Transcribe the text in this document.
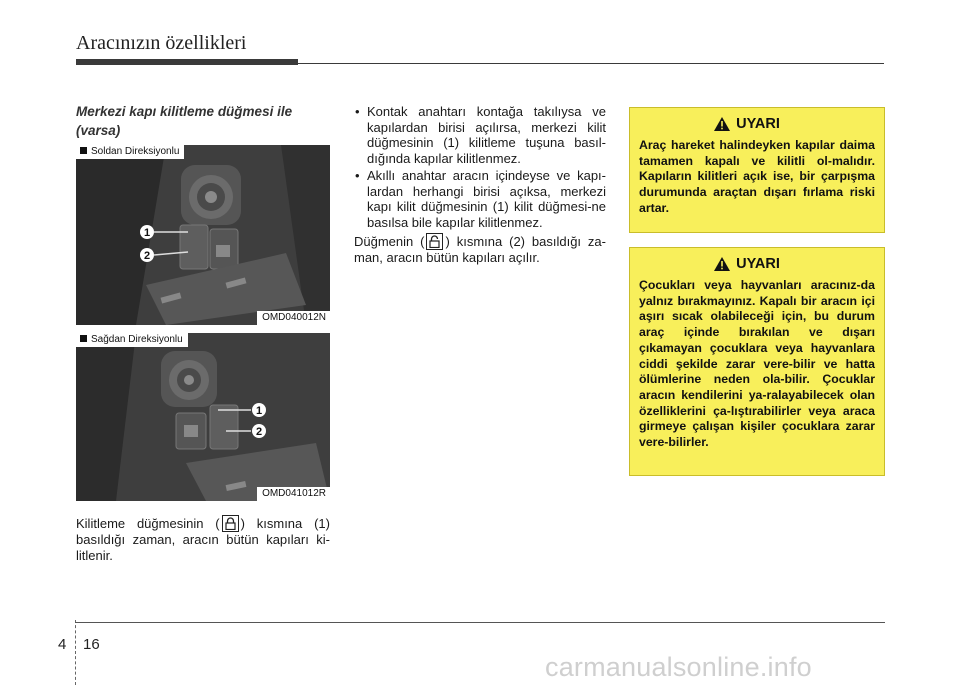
Aracınızın özellikleri
Merkezi kapı kilitleme düğmesi ile (varsa)
1
2
Soldan Direksiyonlu
OMD040012N
1
2
Sağdan Direksiyonlu
OMD041012R
Kilitleme düğmesinin ( ) kısmına (1) basıldığı zaman, aracın bütün kapıları ki-litlenir.
• Kontak anahtarı kontağa takılıysa ve kapılardan birisi açılırsa, merkezi kilit düğmesinin (1) kilitleme tuşuna basıl-dığında kapılar kilitlenmez.
• Akıllı anahtar aracın içindeyse ve kapı-lardan herhangi birisi açıksa, merkezi kapı kilit düğmesinin (1) kilit düğmesi-ne basılsa bile kapılar kilitlenmez.
Düğmenin ( ) kısmına (2) basıldığı za-man, aracın bütün kapıları açılır.
UYARI
Araç hareket halindeyken kapılar daima tamamen kapalı ve kilitli ol-malıdır. Kapıların kilitleri açık ise, bir çarpışma durumunda araçtan dışarı fırlama riski artar.
UYARI
Çocukları veya hayvanları aracınız-da yalnız bırakmayınız. Kapalı bir aracın içi aşırı sıcak olabileceği için, bu durum araç içinde bırakılan ve dışarı çıkamayan çocuklara veya hayvanlara ciddi şekilde zarar vere-bilir ve hatta ölümlerine neden ola-bilir. Çocuklar aracın kendilerini ya-ralayabilecek olan özelliklerini ça-lıştırabilirler veya araca girmeye çalışan kişiler çocuklara zarar vere-bilirler.
4 16
carmanualsonline.info
